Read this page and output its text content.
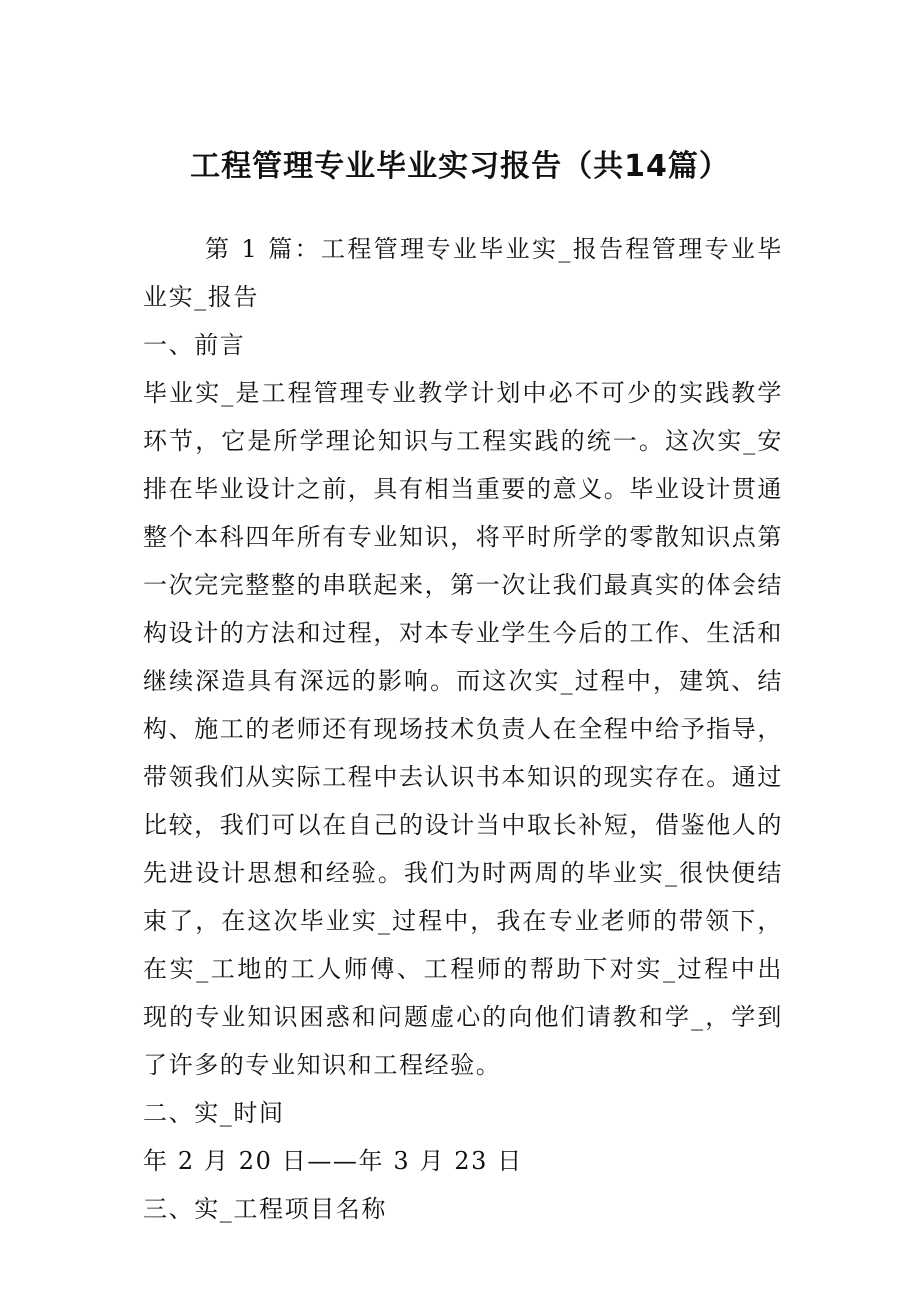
工程管理专业毕业实习报告（共14篇）

第 1 篇：工程管理专业毕业实_报告程管理专业毕业实_报告

一、前言

毕业实_是工程管理专业教学计划中必不可少的实践教学环节，它是所学理论知识与工程实践的统一。这次实_安排在毕业设计之前，具有相当重要的意义。毕业设计贯通整个本科四年所有专业知识，将平时所学的零散知识点第一次完完整整的串联起来，第一次让我们最真实的体会结构设计的方法和过程，对本专业学生今后的工作、生活和继续深造具有深远的影响。而这次实_过程中，建筑、结构、施工的老师还有现场技术负责人在全程中给予指导，带领我们从实际工程中去认识书本知识的现实存在。通过比较，我们可以在自己的设计当中取长补短，借鉴他人的先进设计思想和经验。我们为时两周的毕业实_很快便结束了，在这次毕业实_过程中，我在专业老师的带领下，在实_工地的工人师傅、工程师的帮助下对实_过程中出现的专业知识困惑和问题虚心的向他们请教和学_，学到了许多的专业知识和工程经验。

二、实_时间

年 2 月 20 日——年 3 月 23 日

三、实_工程项目名称
